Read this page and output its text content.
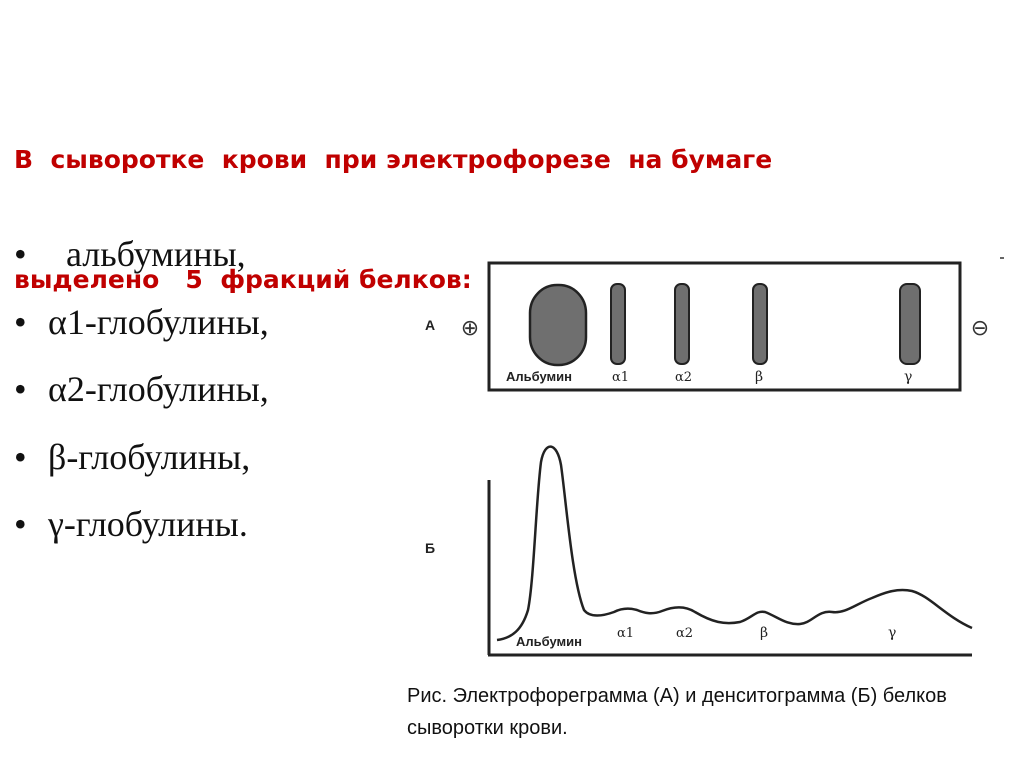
В  сыворотке  крови  при электрофорезе  на бумаге

выделено   5  фракций белков:

• альбумины,
• α1-глобулины,
• α2-глобулины,
• β-глобулины,
• γ-глобулины.
А ⊕	⊖
Альбумин	α1	α2	β	γ
Б
Альбумин
α1	α2	β	γ
Рис. Электрофореграмма (А) и денситограмма (Б) белков сыворотки крови.
